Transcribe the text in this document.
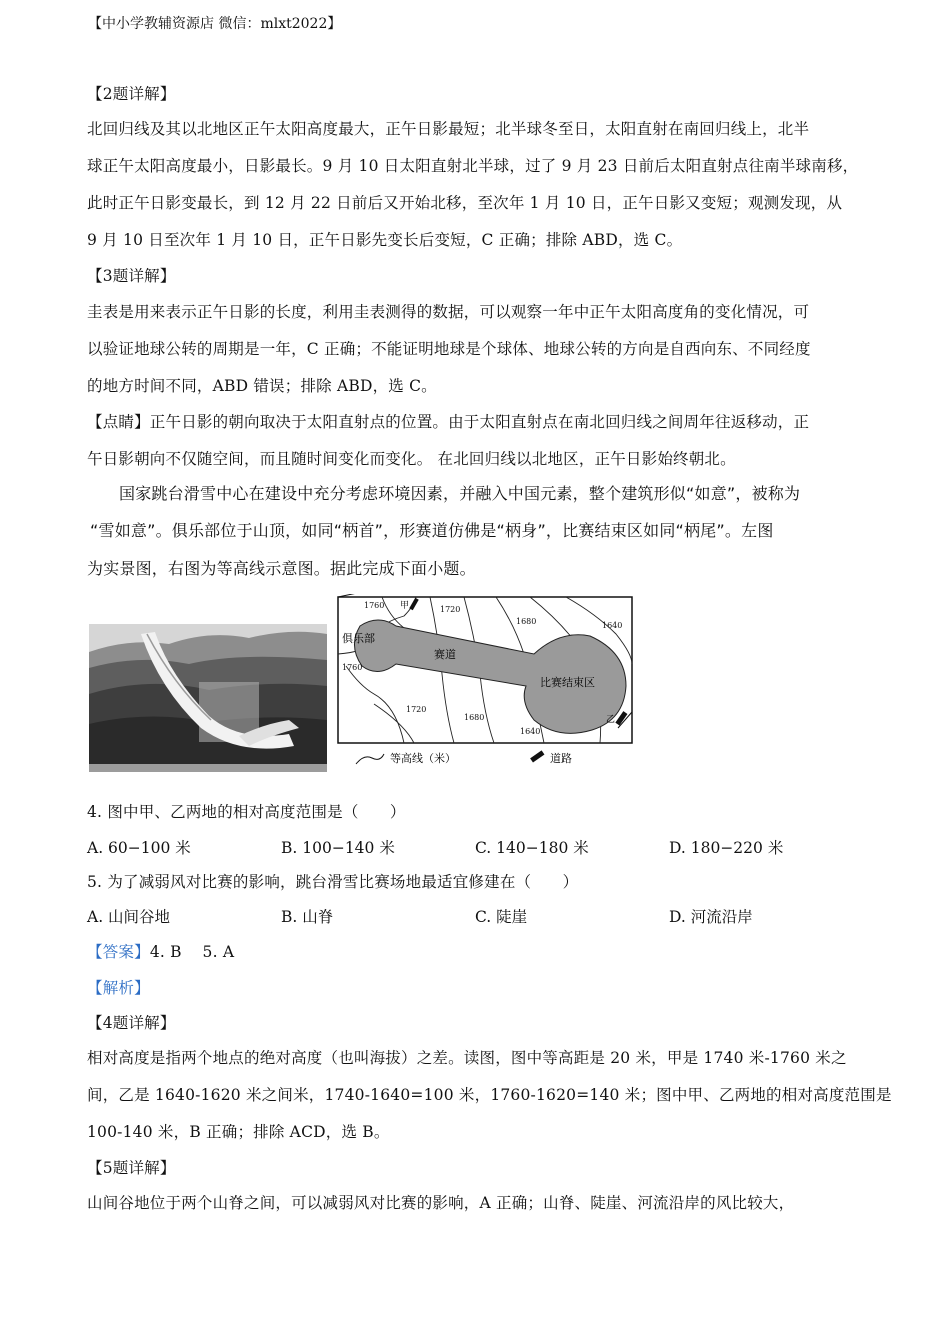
【中小学教辅资源店 微信：mlxt2022】
【2题详解】
北回归线及其以北地区正午太阳高度最大，正午日影最短；北半球冬至日，太阳直射在南回归线上，北半
球正午太阳高度最小，日影最长。9 月 10 日太阳直射北半球，过了 9 月 23 日前后太阳直射点往南半球南移，
此时正午日影变最长，到 12 月 22 日前后又开始北移，至次年 1 月 10 日，正午日影又变短；观测发现，从
9 月 10 日至次年 1 月 10 日，正午日影先变长后变短，C 正确；排除 ABD，选 C。
【3题详解】
圭表是用来表示正午日影的长度，利用圭表测得的数据，可以观察一年中正午太阳高度角的变化情况，可
以验证地球公转的周期是一年，C 正确；不能证明地球是个球体、地球公转的方向是自西向东、不同经度
的地方时间不同，ABD 错误；排除 ABD，选 C。
【点睛】正午日影的朝向取决于太阳直射点的位置。由于太阳直射点在南北回归线之间周年往返移动，正
午日影朝向不仅随空间，而且随时间变化而变化。 在北回归线以北地区，正午日影始终朝北。
国家跳台滑雪中心在建设中充分考虑环境因素，并融入中国元素，整个建筑形似“如意”，被称为
“雪如意”。俱乐部位于山顶，如同“柄首”，形赛道仿佛是“柄身”，比赛结束区如同“柄尾”。左图
为实景图，右图为等高线示意图。据此完成下面小题。
俱乐部
赛道
比赛结束区
甲
乙
1760	1720
1680	1640
1760
1720
1680
1640
等高线（米）	道路
4. 图中甲、乙两地的相对高度范围是（　　）
A. 60−100 米	B. 100−140 米	C. 140−180 米	D. 180−220 米
5. 为了减弱风对比赛的影响，跳台滑雪比赛场地最适宜修建在（　　）
A. 山间谷地	B. 山脊	C. 陡崖	D. 河流沿岸
【答案】4. B　 5. A
【解析】
【4题详解】
相对高度是指两个地点的绝对高度（也叫海拔）之差。读图，图中等高距是 20 米，甲是 1740 米-1760 米之
间，乙是 1640-1620 米之间米，1740-1640=100 米，1760-1620=140 米；图中甲、乙两地的相对高度范围是
100-140 米，B 正确；排除 ACD，选 B。
【5题详解】
山间谷地位于两个山脊之间，可以减弱风对比赛的影响，A 正确；山脊、陡崖、河流沿岸的风比较大，
